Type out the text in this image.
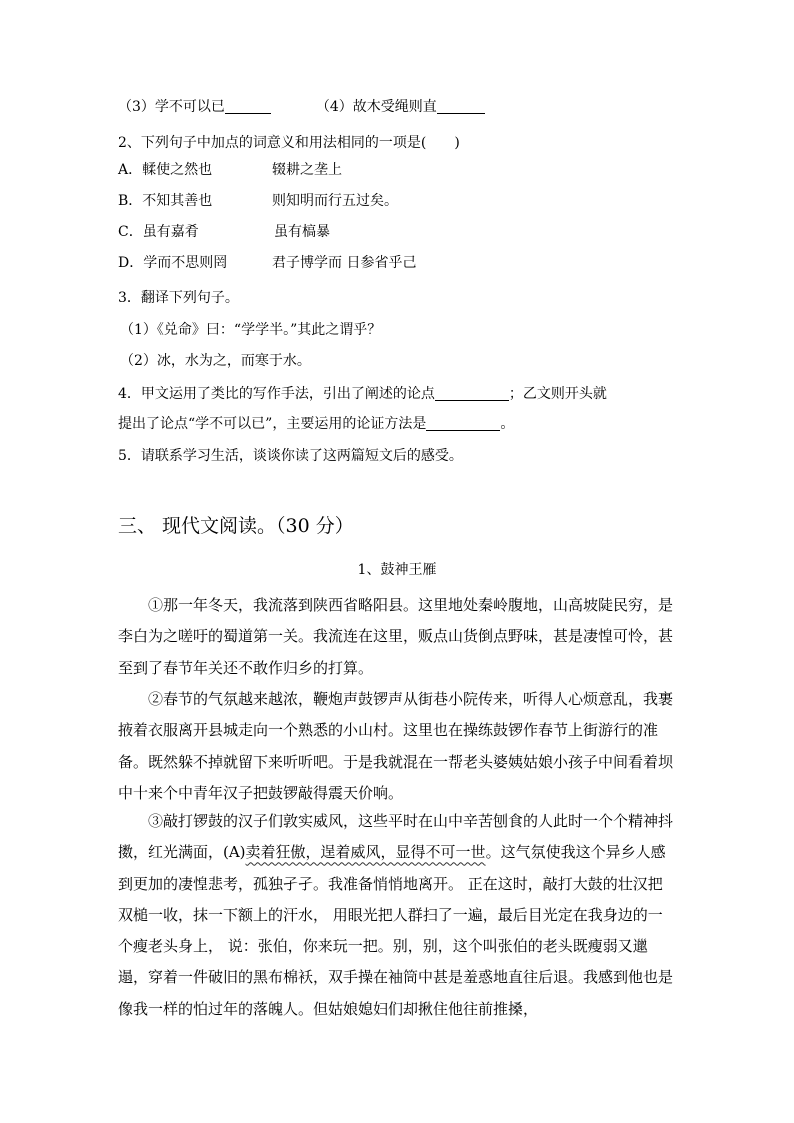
（3）学不可以已	（4）故木受绳则直
2、下列句子中加点的词意义和用法相同的一项是(　　)
A．輮使之然也	辍耕之垄上
B．不知其善也	则知明而行五过矣。
C．虽有嘉肴	虽有槁暴
D．学而不思则罔	君子博学而 日参省乎己
3．翻译下列句子。
（1）《兑命》曰：“学学半。”其此之谓乎？
（2）冰，水为之，而寒于水。
4．甲文运用了类比的写作手法，引出了阐述的论点	；乙文则开头就
提出了论点“学不可以已”，主要运用的论证方法是	。
5．请联系学习生活，谈谈你读了这两篇短文后的感受。
三、 现代文阅读。（30 分）
1、鼓神王雁
①那一年冬天，我流落到陕西省略阳县。这里地处秦岭腹地，山高坡陡民穷，是李白为之嗟吁的蜀道第一关。我流连在这里，贩点山货倒点野味，甚是凄惶可怜，甚至到了春节年关还不敢作归乡的打算。
②春节的气氛越来越浓，鞭炮声鼓锣声从街巷小院传来，听得人心烦意乱，我裹掖着衣服离开县城走向一个熟悉的小山村。这里也在操练鼓锣作春节上街游行的准备。既然躲不掉就留下来听听吧。于是我就混在一帮老头婆姨姑娘小孩子中间看着坝中十来个中青年汉子把鼓锣敲得震天价响。
③敲打锣鼓的汉子们敦实威风，这些平时在山中辛苦刨食的人此时一个个精神抖擞，红光满面，(A)卖着狂傲，逞着威风，显得不可一世。这气氛使我这个异乡人感到更加的凄惶悲考，孤独孑孑。我准备悄悄地离开。 正在这时，敲打大鼓的壮汉把双槌一收，抹一下额上的汗水， 用眼光把人群扫了一遍，最后目光定在我身边的一个瘦老头身上， 说：张伯，你来玩一把。别，别，这个叫张伯的老头既瘦弱又邋遢，穿着一件破旧的黑布棉袄，双手操在袖筒中甚是羞惑地直往后退。我感到他也是像我一样的怕过年的落魄人。但姑娘媳妇们却揪住他往前推搡，
